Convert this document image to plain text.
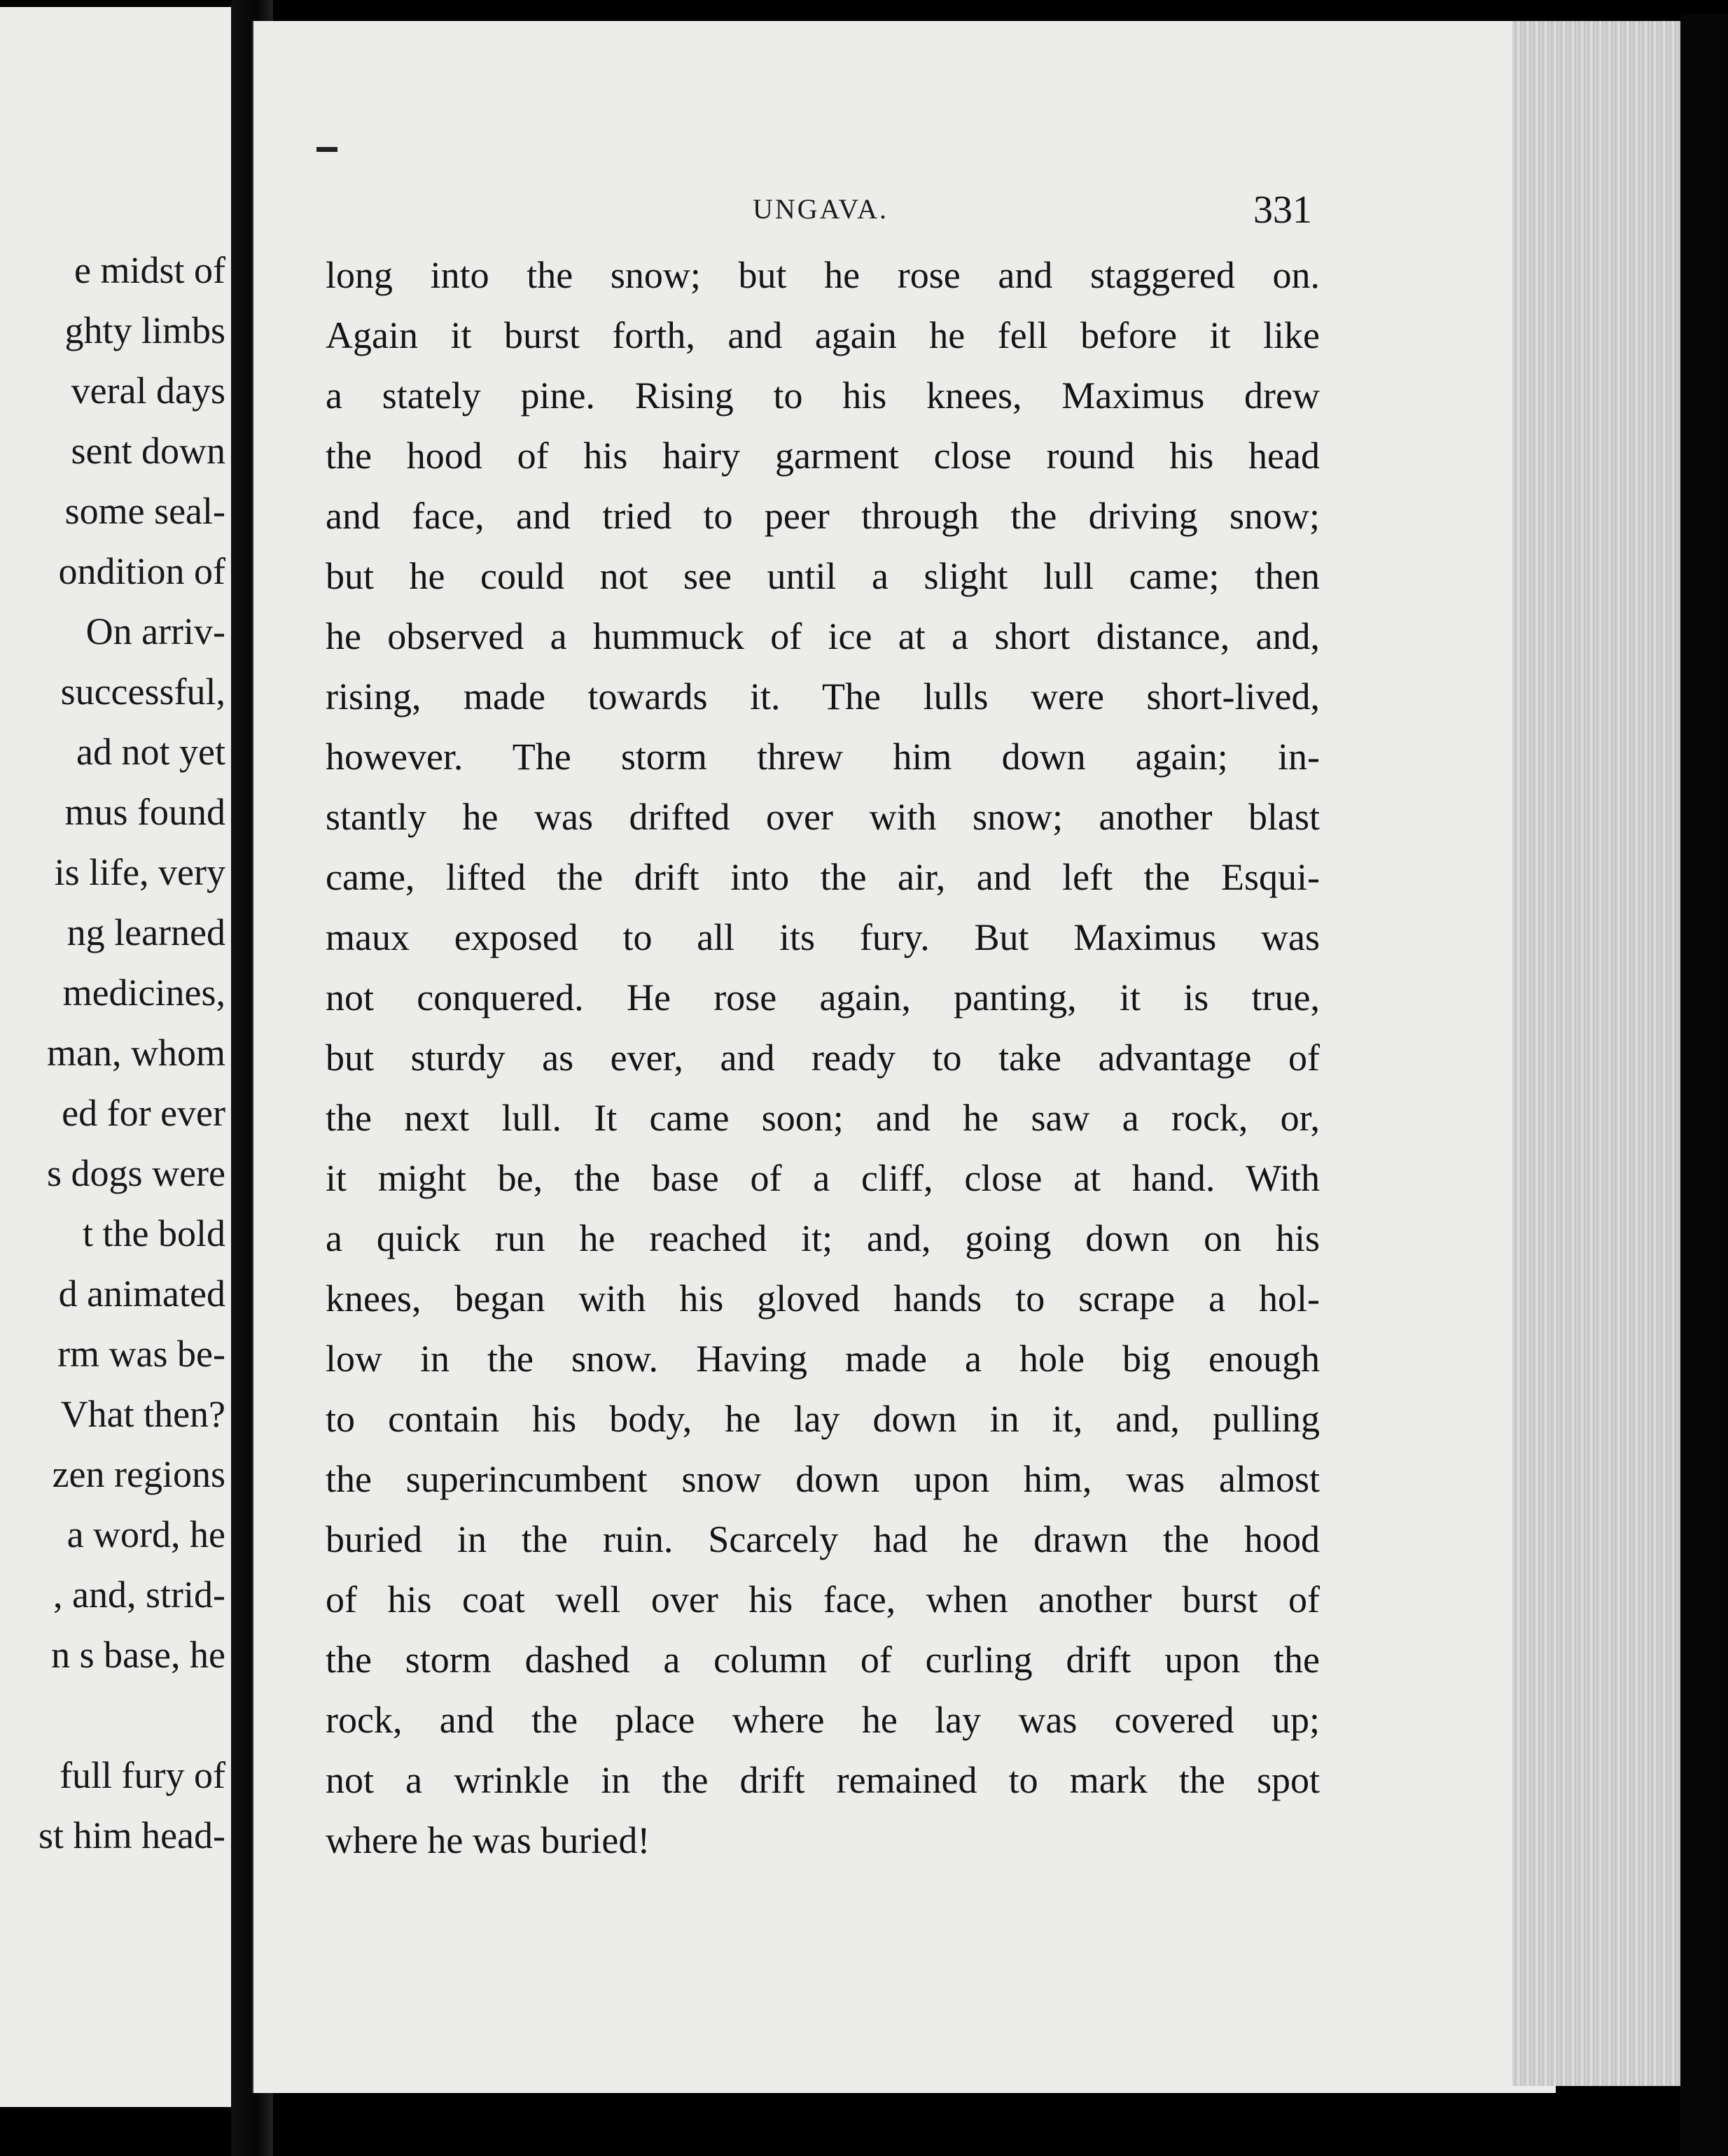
e midst of
ghty limbs
veral days
sent down
some seal-
ondition of
On arriv-
successful,
ad not yet
mus found
is life, very
ng learned
medicines,
man, whom
ed for ever
s dogs were
t the bold
d animated
rm was be-
Vhat then?
zen regions
a word, he
, and, strid-
n s base, he
full fury of
st him head-
UNGAVA.	331
long into the snow; but he rose and staggered on.
Again it burst forth, and again he fell before it like
a stately pine. Rising to his knees, Maximus drew
the hood of his hairy garment close round his head
and face, and tried to peer through the driving snow;
but he could not see until a slight lull came; then
he observed a hummuck of ice at a short distance, and,
rising, made towards it. The lulls were short-lived,
however. The storm threw him down again; in-
stantly he was drifted over with snow; another blast
came, lifted the drift into the air, and left the Esqui-
maux exposed to all its fury. But Maximus was
not conquered. He rose again, panting, it is true,
but sturdy as ever, and ready to take advantage of
the next lull. It came soon; and he saw a rock, or,
it might be, the base of a cliff, close at hand. With
a quick run he reached it; and, going down on his
knees, began with his gloved hands to scrape a hol-
low in the snow. Having made a hole big enough
to contain his body, he lay down in it, and, pulling
the superincumbent snow down upon him, was almost
buried in the ruin. Scarcely had he drawn the hood
of his coat well over his face, when another burst of
the storm dashed a column of curling drift upon the
rock, and the place where he lay was covered up;
not a wrinkle in the drift remained to mark the spot
where he was buried!
